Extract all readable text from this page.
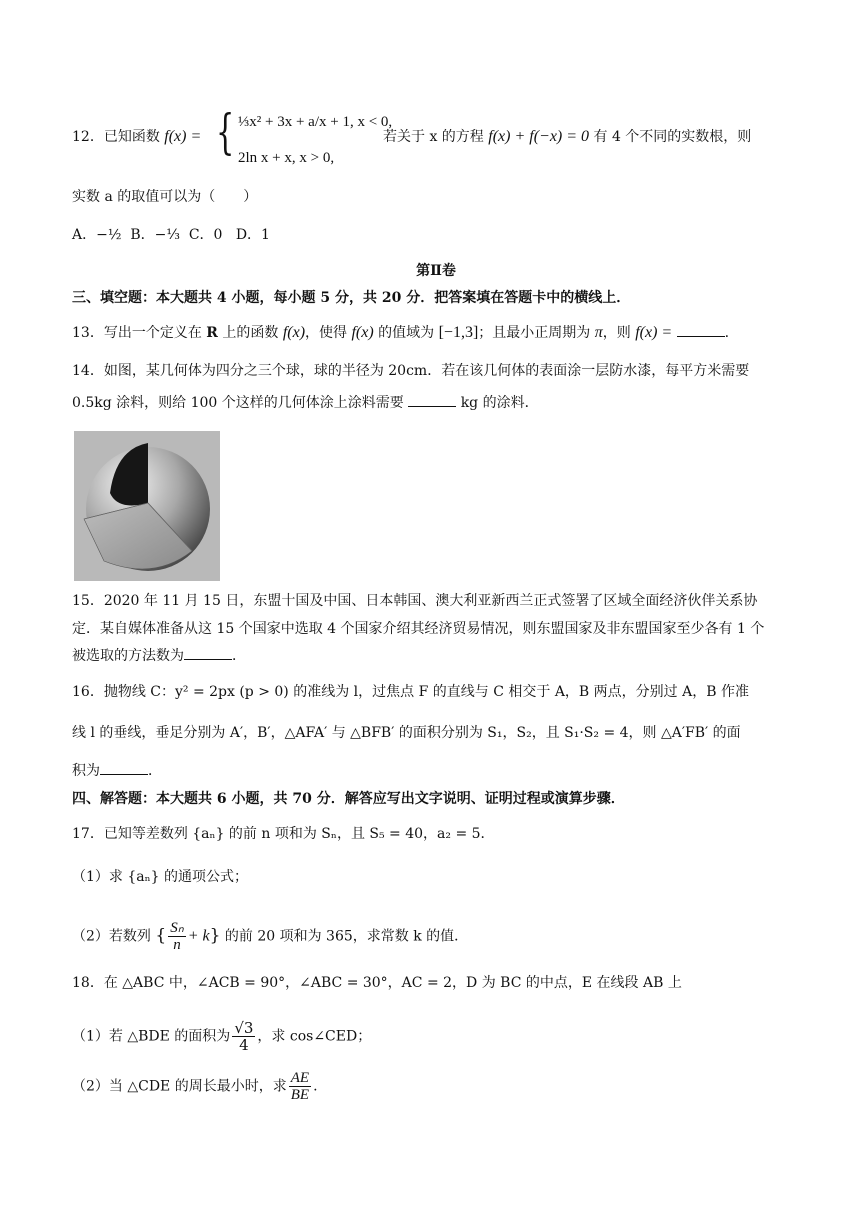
12．已知函数 f(x) = { ⅓x² + 3x + a/x + 1, x < 0,
2ln x + x, x > 0,
若关于 x 的方程 f(x) + f(−x) = 0 有 4 个不同的实数根，则
实数 a 的取值可以为（　　）
A．−½ B．−⅓ C．0 D．1
第Ⅱ卷
三、填空题：本大题共 4 小题，每小题 5 分，共 20 分．把答案填在答题卡中的横线上．
13．写出一个定义在 R 上的函数 f(x)，使得 f(x) 的值域为 [−1,3]；且最小正周期为 π，则 f(x) =	.
14．如图，某几何体为四分之三个球，球的半径为 20cm．若在该几何体的表面涂一层防水漆，每平方米需要
0.5kg 涂料，则给 100 个这样的几何体涂上涂料需要	kg 的涂料．
15．2020 年 11 月 15 日，东盟十国及中国、日本韩国、澳大利亚新西兰正式签署了区域全面经济伙伴关系协
定．某自媒体准备从这 15 个国家中选取 4 个国家介绍其经济贸易情况，则东盟国家及非东盟国家至少各有 1 个
被选取的方法数为	．
16．抛物线 C：y² = 2px (p > 0) 的准线为 l，过焦点 F 的直线与 C 相交于 A，B 两点，分别过 A，B 作准
线 l 的垂线，垂足分别为 A′，B′，△AFA′ 与 △BFB′ 的面积分别为 S₁，S₂，且 S₁·S₂ = 4，则 △A′FB′ 的面
积为	．
四、解答题：本大题共 6 小题，共 70 分．解答应写出文字说明、证明过程或演算步骤．
17．已知等差数列 {aₙ} 的前 n 项和为 Sₙ，且 S₅ = 40，a₂ = 5．
（1）求 {aₙ} 的通项公式；
（2）若数列 { $\frac{\text{Sₙ}}{n} + k$} 的前 20 项和为 365，求常数 k 的值．
18．在 △ABC 中，∠ACB = 90°，∠ABC = 30°，AC = 2，D 为 BC 的中点，E 在线段 AB 上
（1）若 △BDE 的面积为 $\frac{√3}{4}$ ，求 cos∠CED；
（2）当 △CDE 的周长最小时，求 $\frac{AE}{BE}$ .
